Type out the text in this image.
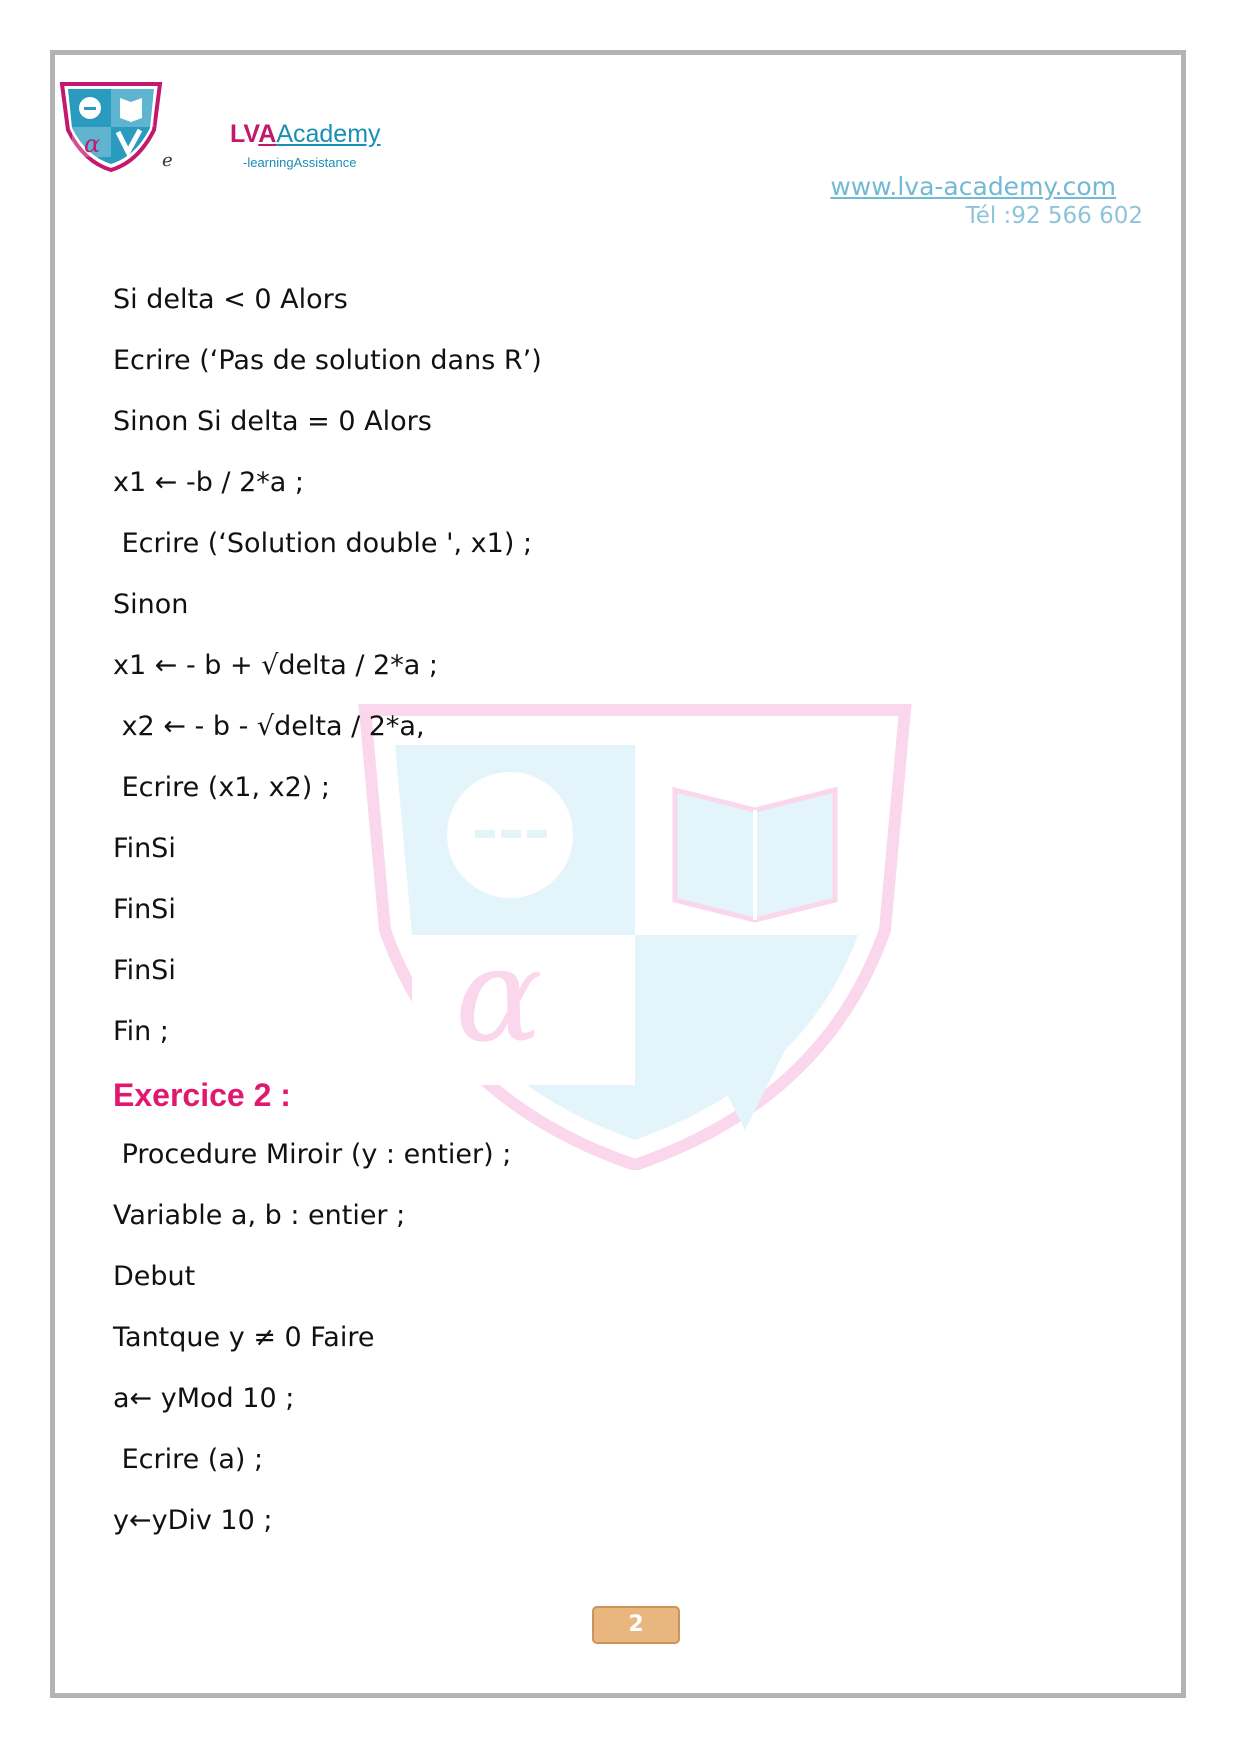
α
e
LVAAcademy
-learningAssistance
www.lva-academy.com
Tél :92 566 602
α
Si delta < 0 Alors
Ecrire (‘Pas de solution dans R’)
Sinon Si delta = 0 Alors
x1 ← -b / 2*a ;
Ecrire (‘Solution double ', x1) ;
Sinon
x1 ← - b + √delta / 2*a ;
x2 ← - b - √delta / 2*a,
Ecrire (x1, x2) ;
FinSi
FinSi
FinSi
Fin ;
Exercice 2 :
Procedure Miroir (y : entier) ;
Variable a, b : entier ;
Debut
Tantque y ≠ 0 Faire
a← yMod 10 ;
Ecrire (a) ;
y←yDiv 10 ;
2
